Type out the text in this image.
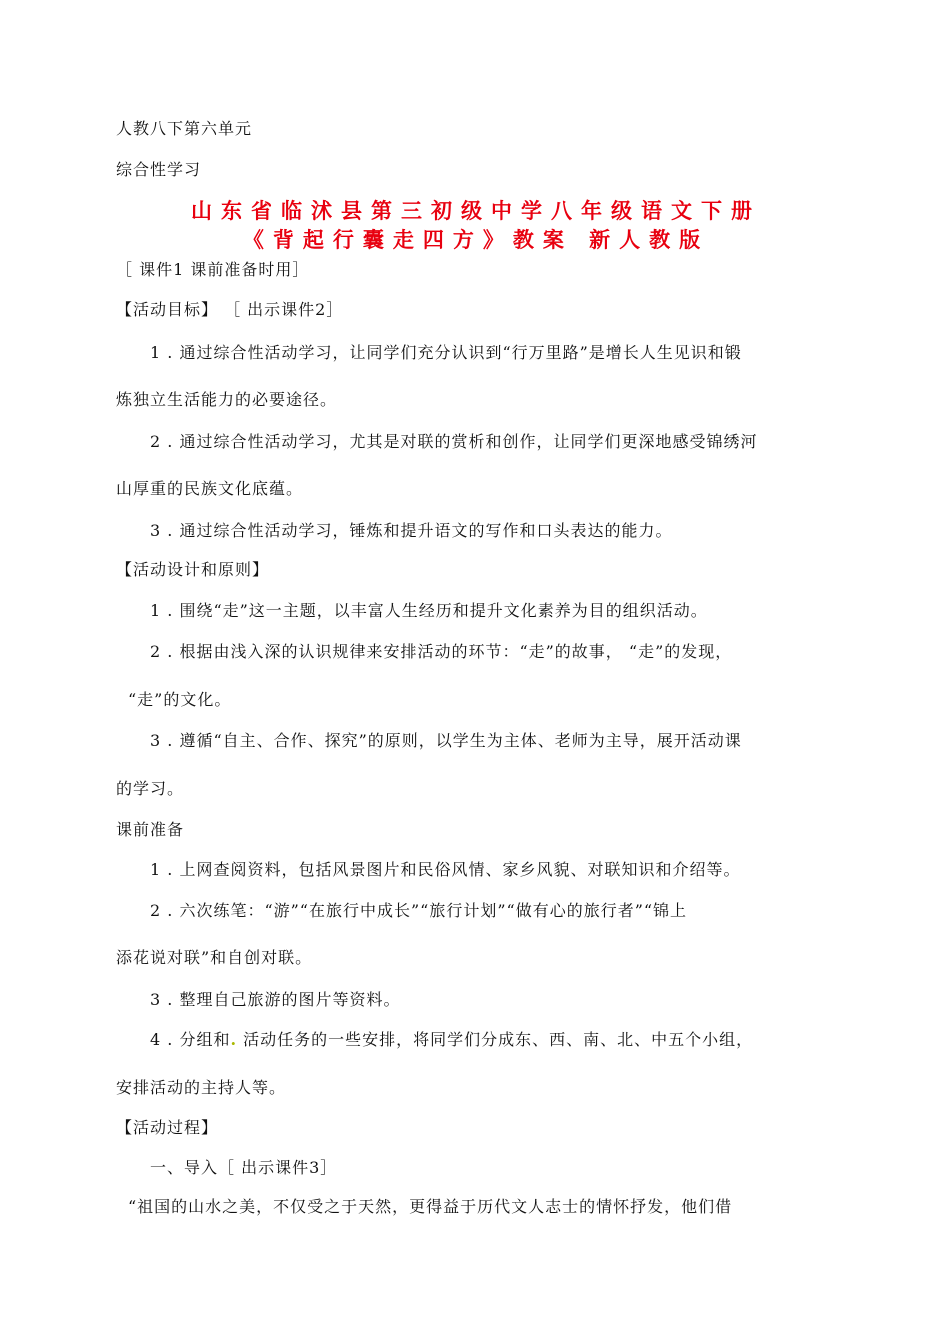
人教八下第六单元
综合性学习
山东省临沭县第三初级中学八年级语文下册
《背起行囊走四方》教案 新人教版
［ 课件1 课前准备时用］
【活动目标】 ［ 出示课件2］
1 . 通过综合性活动学习，让同学们充分认识到“行万里路”是增长人生见识和锻
炼独立生活能力的必要途径。
2 . 通过综合性活动学习，尤其是对联的赏析和创作，让同学们更深地感受锦绣河
山厚重的民族文化底蕴。
3 . 通过综合性活动学习，锤炼和提升语文的写作和口头表达的能力。
【活动设计和原则】
1 . 围绕“走”这一主题，以丰富人生经历和提升文化素养为目的组织活动。
2 . 根据由浅入深的认识规律来安排活动的环节：“走”的故事， “走”的发现，
“走”的文化。
3 . 遵循“自主、合作、探究”的原则，以学生为主体、老师为主导，展开活动课
的学习。
课前准备
1 . 上网查阅资料，包括风景图片和民俗风情、家乡风貌、对联知识和介绍等。
2 . 六次练笔：“游”“在旅行中成长”“旅行计划”“做有心的旅行者”“锦上
添花说对联”和自创对联。
3 . 整理自己旅游的图片等资料。
4 . 分组和. 活动任务的一些安排，将同学们分成东、西、南、北、中五个小组，
安排活动的主持人等。
【活动过程】
一、导入［ 出示课件3］
“祖国的山水之美，不仅受之于天然，更得益于历代文人志士的情怀抒发，他们借
